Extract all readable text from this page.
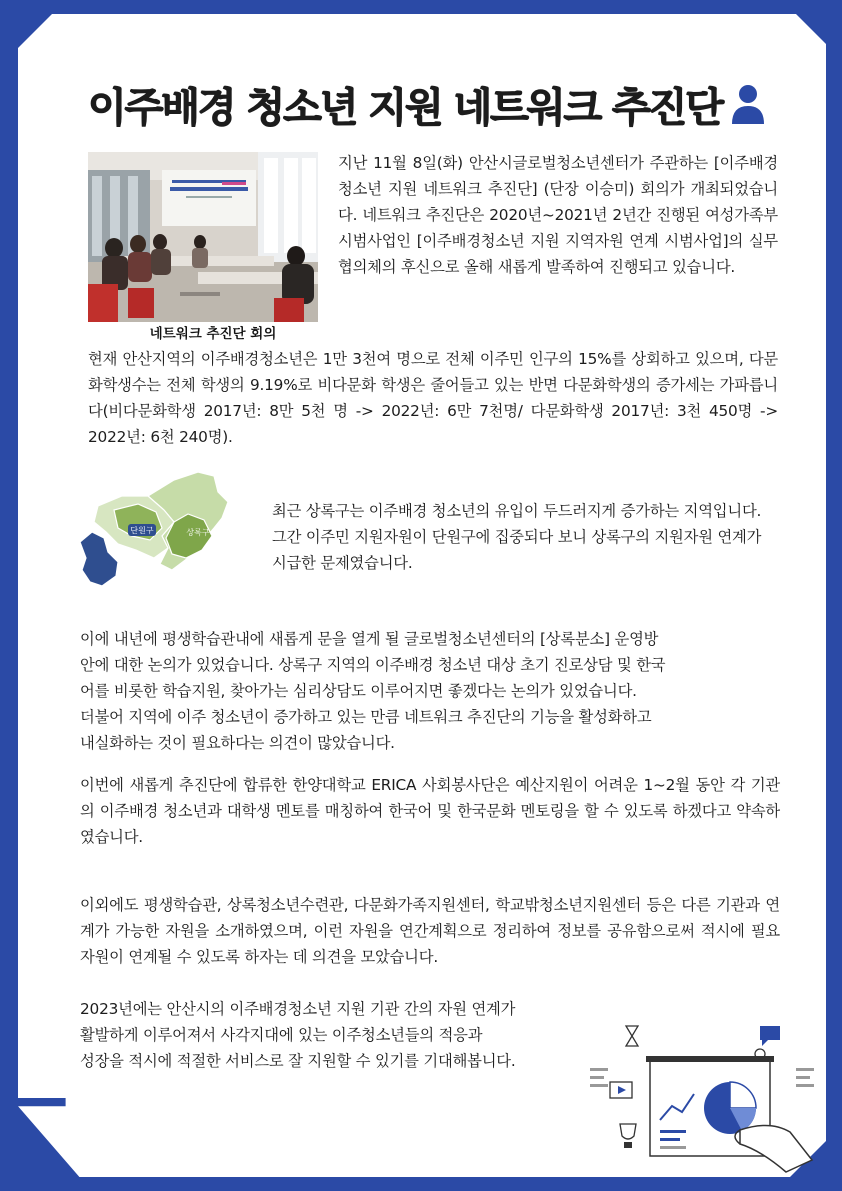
이주배경 청소년 지원 네트워크 추진단
네트워크 추진단 회의
지난 11월 8일(화) 안산시글로벌청소년센터가 주관하는 [이주배경 청소년 지원 네트워크 추진단] (단장 이승미) 회의가 개최되었습니다. 네트워크 추진단은 2020년~2021년 2년간 진행된 여성가족부 시범사업인 [이주배경청소년 지원 지역자원 연계 시범사업]의 실무협의체의 후신으로 올해 새롭게 발족하여 진행되고 있습니다.
현재 안산지역의 이주배경청소년은 1만 3천여 명으로 전체 이주민 인구의 15%를 상회하고 있으며, 다문화학생수는 전체 학생의 9.19%로 비다문화 학생은 줄어들고 있는 반면 다문화학생의 증가세는 가파릅니다(비다문화학생 2017년: 8만 5천 명 -> 2022년: 6만 7천명/ 다문화학생 2017년: 3천 450명 -> 2022년: 6천 240명).
단원구	상록구
최근 상록구는 이주배경 청소년의 유입이 두드러지게 증가하는 지역입니다. 그간 이주민 지원자원이 단원구에 집중되다 보니 상록구의 지원자원 연계가 시급한 문제였습니다.
이에 내년에 평생학습관내에 새롭게 문을 열게 될 글로벌청소년센터의 [상록분소] 운영방
안에 대한 논의가 있었습니다. 상록구 지역의 이주배경 청소년 대상 초기 진로상담 및 한국
어를 비롯한 학습지원, 찾아가는 심리상담도 이루어지면 좋겠다는 논의가 있었습니다.
더불어 지역에 이주 청소년이 증가하고 있는 만큼 네트워크 추진단의 기능을 활성화하고
내실화하는 것이 필요하다는 의견이 많았습니다.
이번에 새롭게 추진단에 합류한 한양대학교 ERICA 사회봉사단은 예산지원이 어려운 1~2월 동안 각 기관의 이주배경 청소년과 대학생 멘토를 매칭하여 한국어 및 한국문화 멘토링을 할 수 있도록 하겠다고 약속하였습니다.
이외에도 평생학습관, 상록청소년수련관, 다문화가족지원센터, 학교밖청소년지원센터 등은 다른 기관과 연계가 가능한 자원을 소개하였으며, 이런 자원을 연간계획으로 정리하여 정보를 공유함으로써 적시에 필요 자원이 연계될 수 있도록 하자는 데 의견을 모았습니다.
2023년에는 안산시의 이주배경청소년 지원 기관 간의 자원 연계가
활발하게 이루어져서 사각지대에 있는 이주청소년들의 적응과
성장을 적시에 적절한 서비스로 잘 지원할 수 있기를 기대해봅니다.
